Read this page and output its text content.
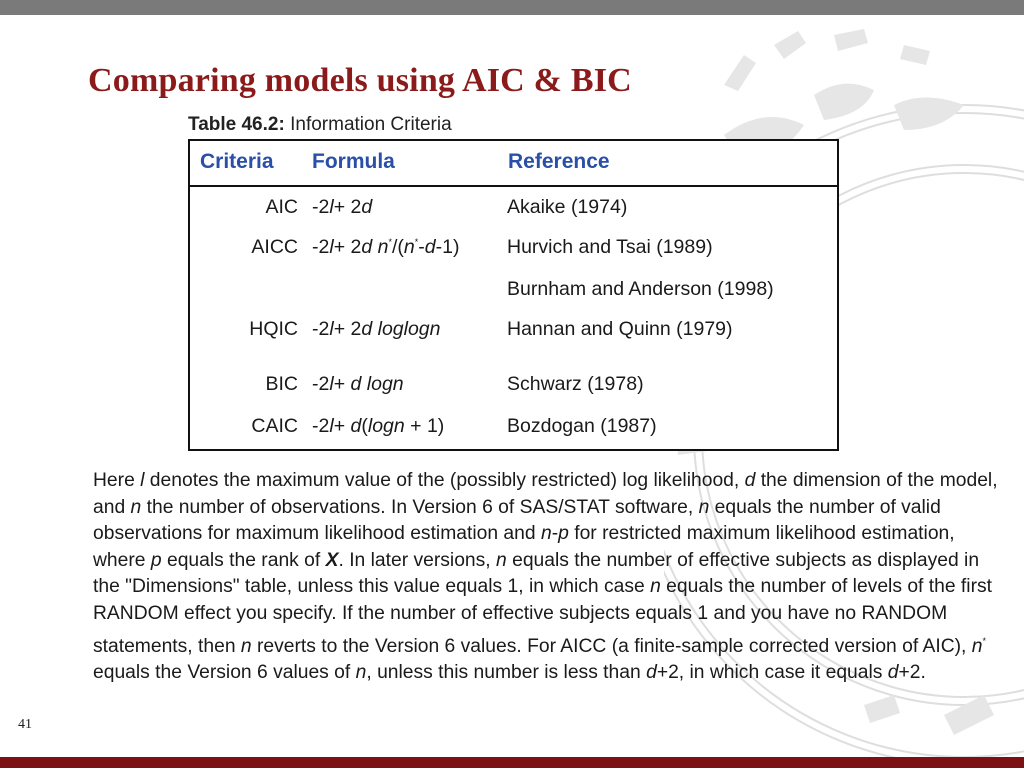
Comparing models using AIC & BIC
Table 46.2: Information Criteria
Criteria Formula	Reference
AIC -2l+ 2d	Akaike (1974)
AICC -2l+ 2d n*/(n*-d-1) Hurvich and Tsai (1989)
Burnham and Anderson (1998)
HQIC -2l+ 2d loglogn	Hannan and Quinn (1979)
BIC -2l+ d logn	Schwarz (1978)
CAIC -2l+ d(logn + 1)	Bozdogan (1987)

Here l denotes the maximum value of the (possibly restricted) log likelihood, d the dimension of the model, and n the number of observations. In Version 6 of SAS/STAT software, n equals the number of valid observations for maximum likelihood estimation and n-p for restricted maximum likelihood estimation, where p equals the rank of X. In later versions, n equals the number of effective subjects as displayed in the "Dimensions" table, unless this value equals 1, in which case n equals the number of levels of the first RANDOM effect you specify. If the number of effective subjects equals 1 and you have no RANDOM statements, then n reverts to the Version 6 values. For AICC (a finite-sample corrected version of AIC), n* equals the Version 6 values of n, unless this number is less than d+2, in which case it equals d+2.

41
